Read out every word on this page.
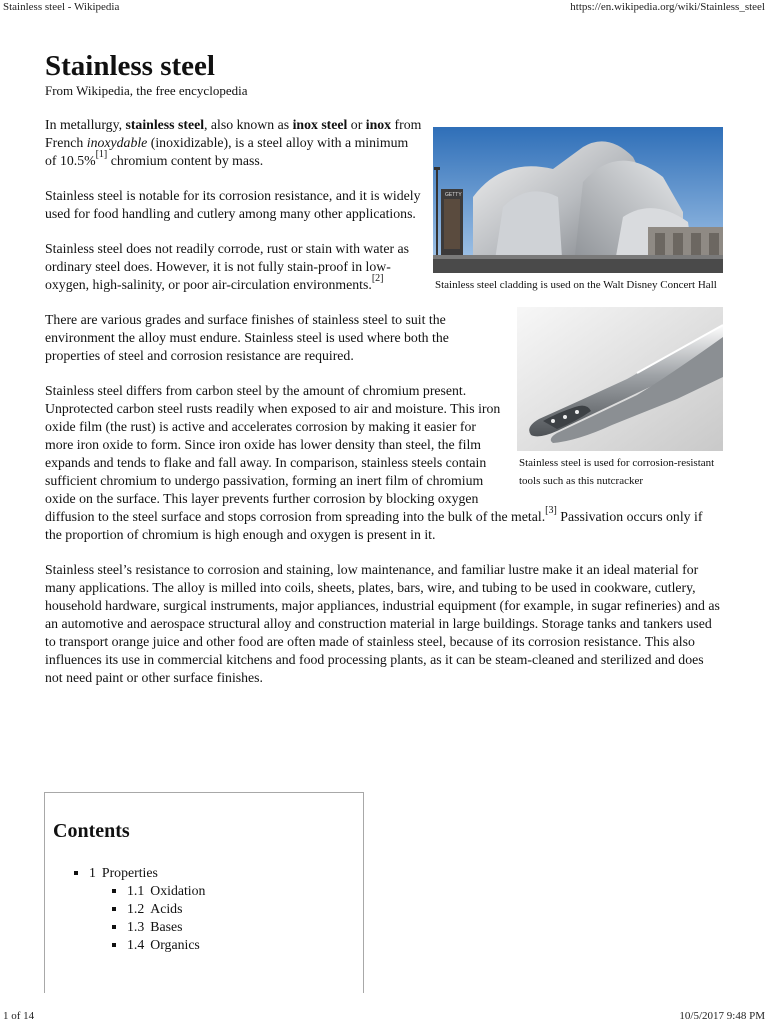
Stainless steel - Wikipedia	https://en.wikipedia.org/wiki/Stainless_steel
Stainless steel
From Wikipedia, the free encyclopedia
GETTY
Stainless steel cladding is used on the Walt Disney Concert Hall

In metallurgy, stainless steel, also known as inox steel or inox from French inoxydable (inoxidizable), is a steel alloy with a minimum of 10.5%[1] chromium content by mass.

Stainless steel is notable for its corrosion resistance, and it is widely used for food handling and cutlery among many other applications.

Stainless steel does not readily corrode, rust or stain with water as ordinary steel does. However, it is not fully stain-proof in low-oxygen, high-salinity, or poor air-circulation environments.[2]

Stainless steel is used for corrosion-resistant tools such as this nutcracker

There are various grades and surface finishes of stainless steel to suit the environment the alloy must endure. Stainless steel is used where both the properties of steel and corrosion resistance are required.

Stainless steel differs from carbon steel by the amount of chromium present. Unprotected carbon steel rusts readily when exposed to air and moisture. This iron oxide film (the rust) is active and accelerates corrosion by making it easier for more iron oxide to form. Since iron oxide has lower density than steel, the film expands and tends to flake and fall away. In comparison, stainless steels contain sufficient chromium to undergo passivation, forming an inert film of chromium oxide on the surface. This layer prevents further corrosion by blocking oxygen diffusion to the steel surface and stops corrosion from spreading into the bulk of the metal.[3] Passivation occurs only if the proportion of chromium is high enough and oxygen is present in it.

Stainless steel’s resistance to corrosion and staining, low maintenance, and familiar lustre make it an ideal material for many applications. The alloy is milled into coils, sheets, plates, bars, wire, and tubing to be used in cookware, cutlery, household hardware, surgical instruments, major appliances, industrial equipment (for example, in sugar refineries) and as an automotive and aerospace structural alloy and construction material in large buildings. Storage tanks and tankers used to transport orange juice and other food are often made of stainless steel, because of its corrosion resistance. This also influences its use in commercial kitchens and food processing plants, as it can be steam-cleaned and sterilized and does not need paint or other surface finishes.

Contents
▪ 1 Properties
▪ 1.1 Oxidation
▪ 1.2 Acids
▪ 1.3 Bases
▪ 1.4 Organics
1 of 14	10/5/2017 9:48 PM
